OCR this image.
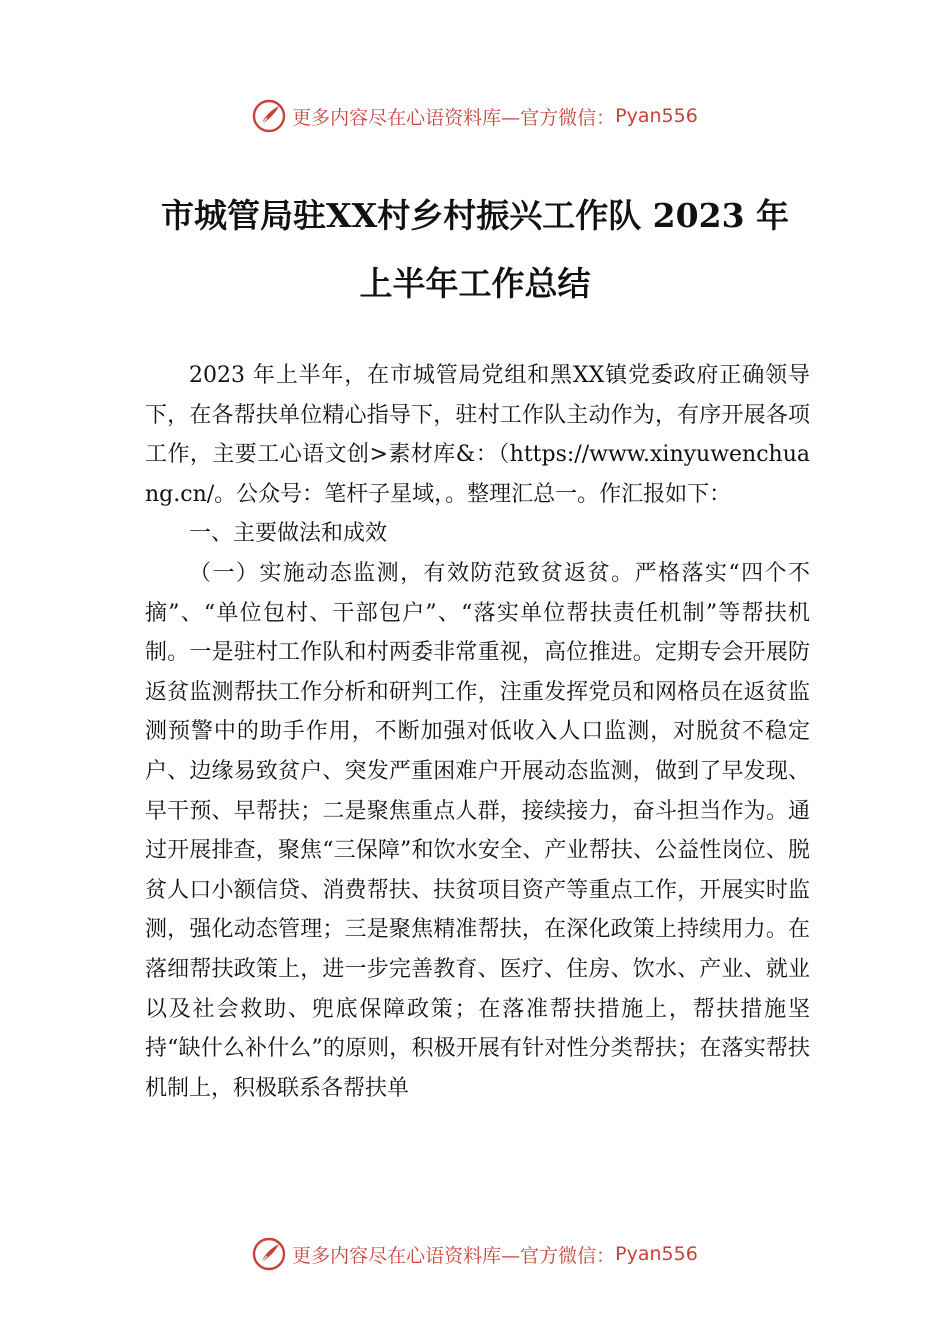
更多内容尽在心语资料库—官方微信： Pyan556
市城管局驻XX村乡村振兴工作队 2023 年
上半年工作总结

2023 年上半年，在市城管局党组和黑XX镇党委政府正确领导下，在各帮扶单位精心指导下，驻村工作队主动作为，有序开展各项工作，主要工心语文创>素材库&：（https://www.xinyuwenchuang.cn/。公众号：笔杆子星域，。整理汇总一。作汇报如下：

一、主要做法和成效

（一）实施动态监测，有效防范致贫返贫。严格落实“四个不摘”、“单位包村、干部包户”、“落实单位帮扶责任机制”等帮扶机制。一是驻村工作队和村两委非常重视，高位推进。定期专会开展防返贫监测帮扶工作分析和研判工作，注重发挥党员和网格员在返贫监测预警中的助手作用，不断加强对低收入人口监测，对脱贫不稳定户、边缘易致贫户、突发严重困难户开展动态监测，做到了早发现、早干预、早帮扶；二是聚焦重点人群，接续接力，奋斗担当作为。通过开展排查，聚焦“三保障”和饮水安全、产业帮扶、公益性岗位、脱贫人口小额信贷、消费帮扶、扶贫项目资产等重点工作，开展实时监测，强化动态管理；三是聚焦精准帮扶，在深化政策上持续用力。在落细帮扶政策上，进一步完善教育、医疗、住房、饮水、产业、就业以及社会救助、兜底保障政策；在落准帮扶措施上，帮扶措施坚持“缺什么补什么”的原则，积极开展有针对性分类帮扶；在落实帮扶机制上，积极联系各帮扶单

更多内容尽在心语资料库—官方微信： Pyan556
